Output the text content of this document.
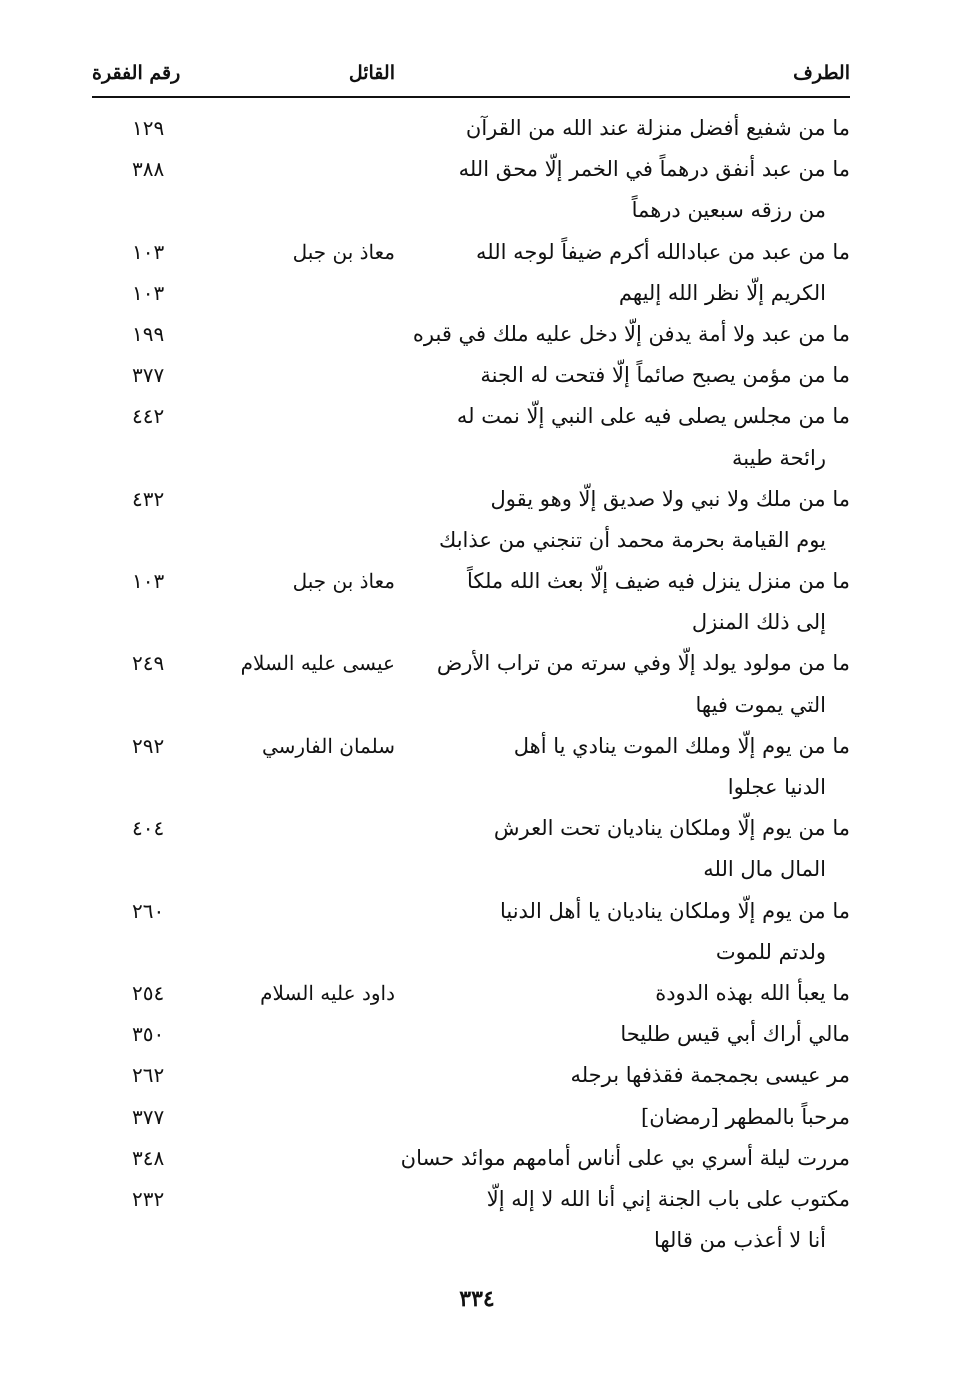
الطرف
القائل
رقم الفقرة
ما من شفيع أفضل منزلة عند الله من القرآن
١٢٩
ما من عبد أنفق درهماً في الخمر إلّا محق الله
٣٨٨
من رزقه سبعين درهماً
ما من عبد من عبادالله أكرم ضيفاً لوجه الله
معاذ بن جبل
١٠٣
الكريم إلّا نظر الله إليهم
١٠٣
ما من عبد ولا أمة يدفن إلّا دخل عليه ملك في قبره
١٩٩
ما من مؤمن يصبح صائماً إلّا فتحت له الجنة
٣٧٧
ما من مجلس يصلى فيه على النبي إلّا نمت له
٤٤٢
رائحة طيبة
ما من ملك ولا نبي ولا صديق إلّا وهو يقول
٤٣٢
يوم القيامة بحرمة محمد أن تنجني من عذابك
ما من منزل ينزل فيه ضيف إلّا بعث الله ملكاً
معاذ بن جبل
١٠٣
إلى ذلك المنزل
ما من مولود يولد إلّا وفي سرته من تراب الأرض
عيسى عليه السلام
٢٤٩
التي يموت فيها
ما من يوم إلّا وملك الموت ينادي يا أهل
سلمان الفارسي
٢٩٢
الدنيا عجلوا
ما من يوم إلّا وملكان يناديان تحت العرش
٤٠٤
المال مال الله
ما من يوم إلّا وملكان يناديان يا أهل الدنيا
٢٦٠
ولدتم للموت
ما يعبأ الله بهذه الدودة
داود عليه السلام
٢٥٤
مالي أراك أبي قيس طليحا
٣٥٠
مر عيسى بجمجمة فقذفها برجله
٢٦٢
مرحباً بالمطهر [رمضان]
٣٧٧
مررت ليلة أسري بي على أناس أمامهم موائد حسان
٣٤٨
مكتوب على باب الجنة إني أنا الله لا إله إلّا
٢٣٢
أنا لا أعذب من قالها
٣٣٤
